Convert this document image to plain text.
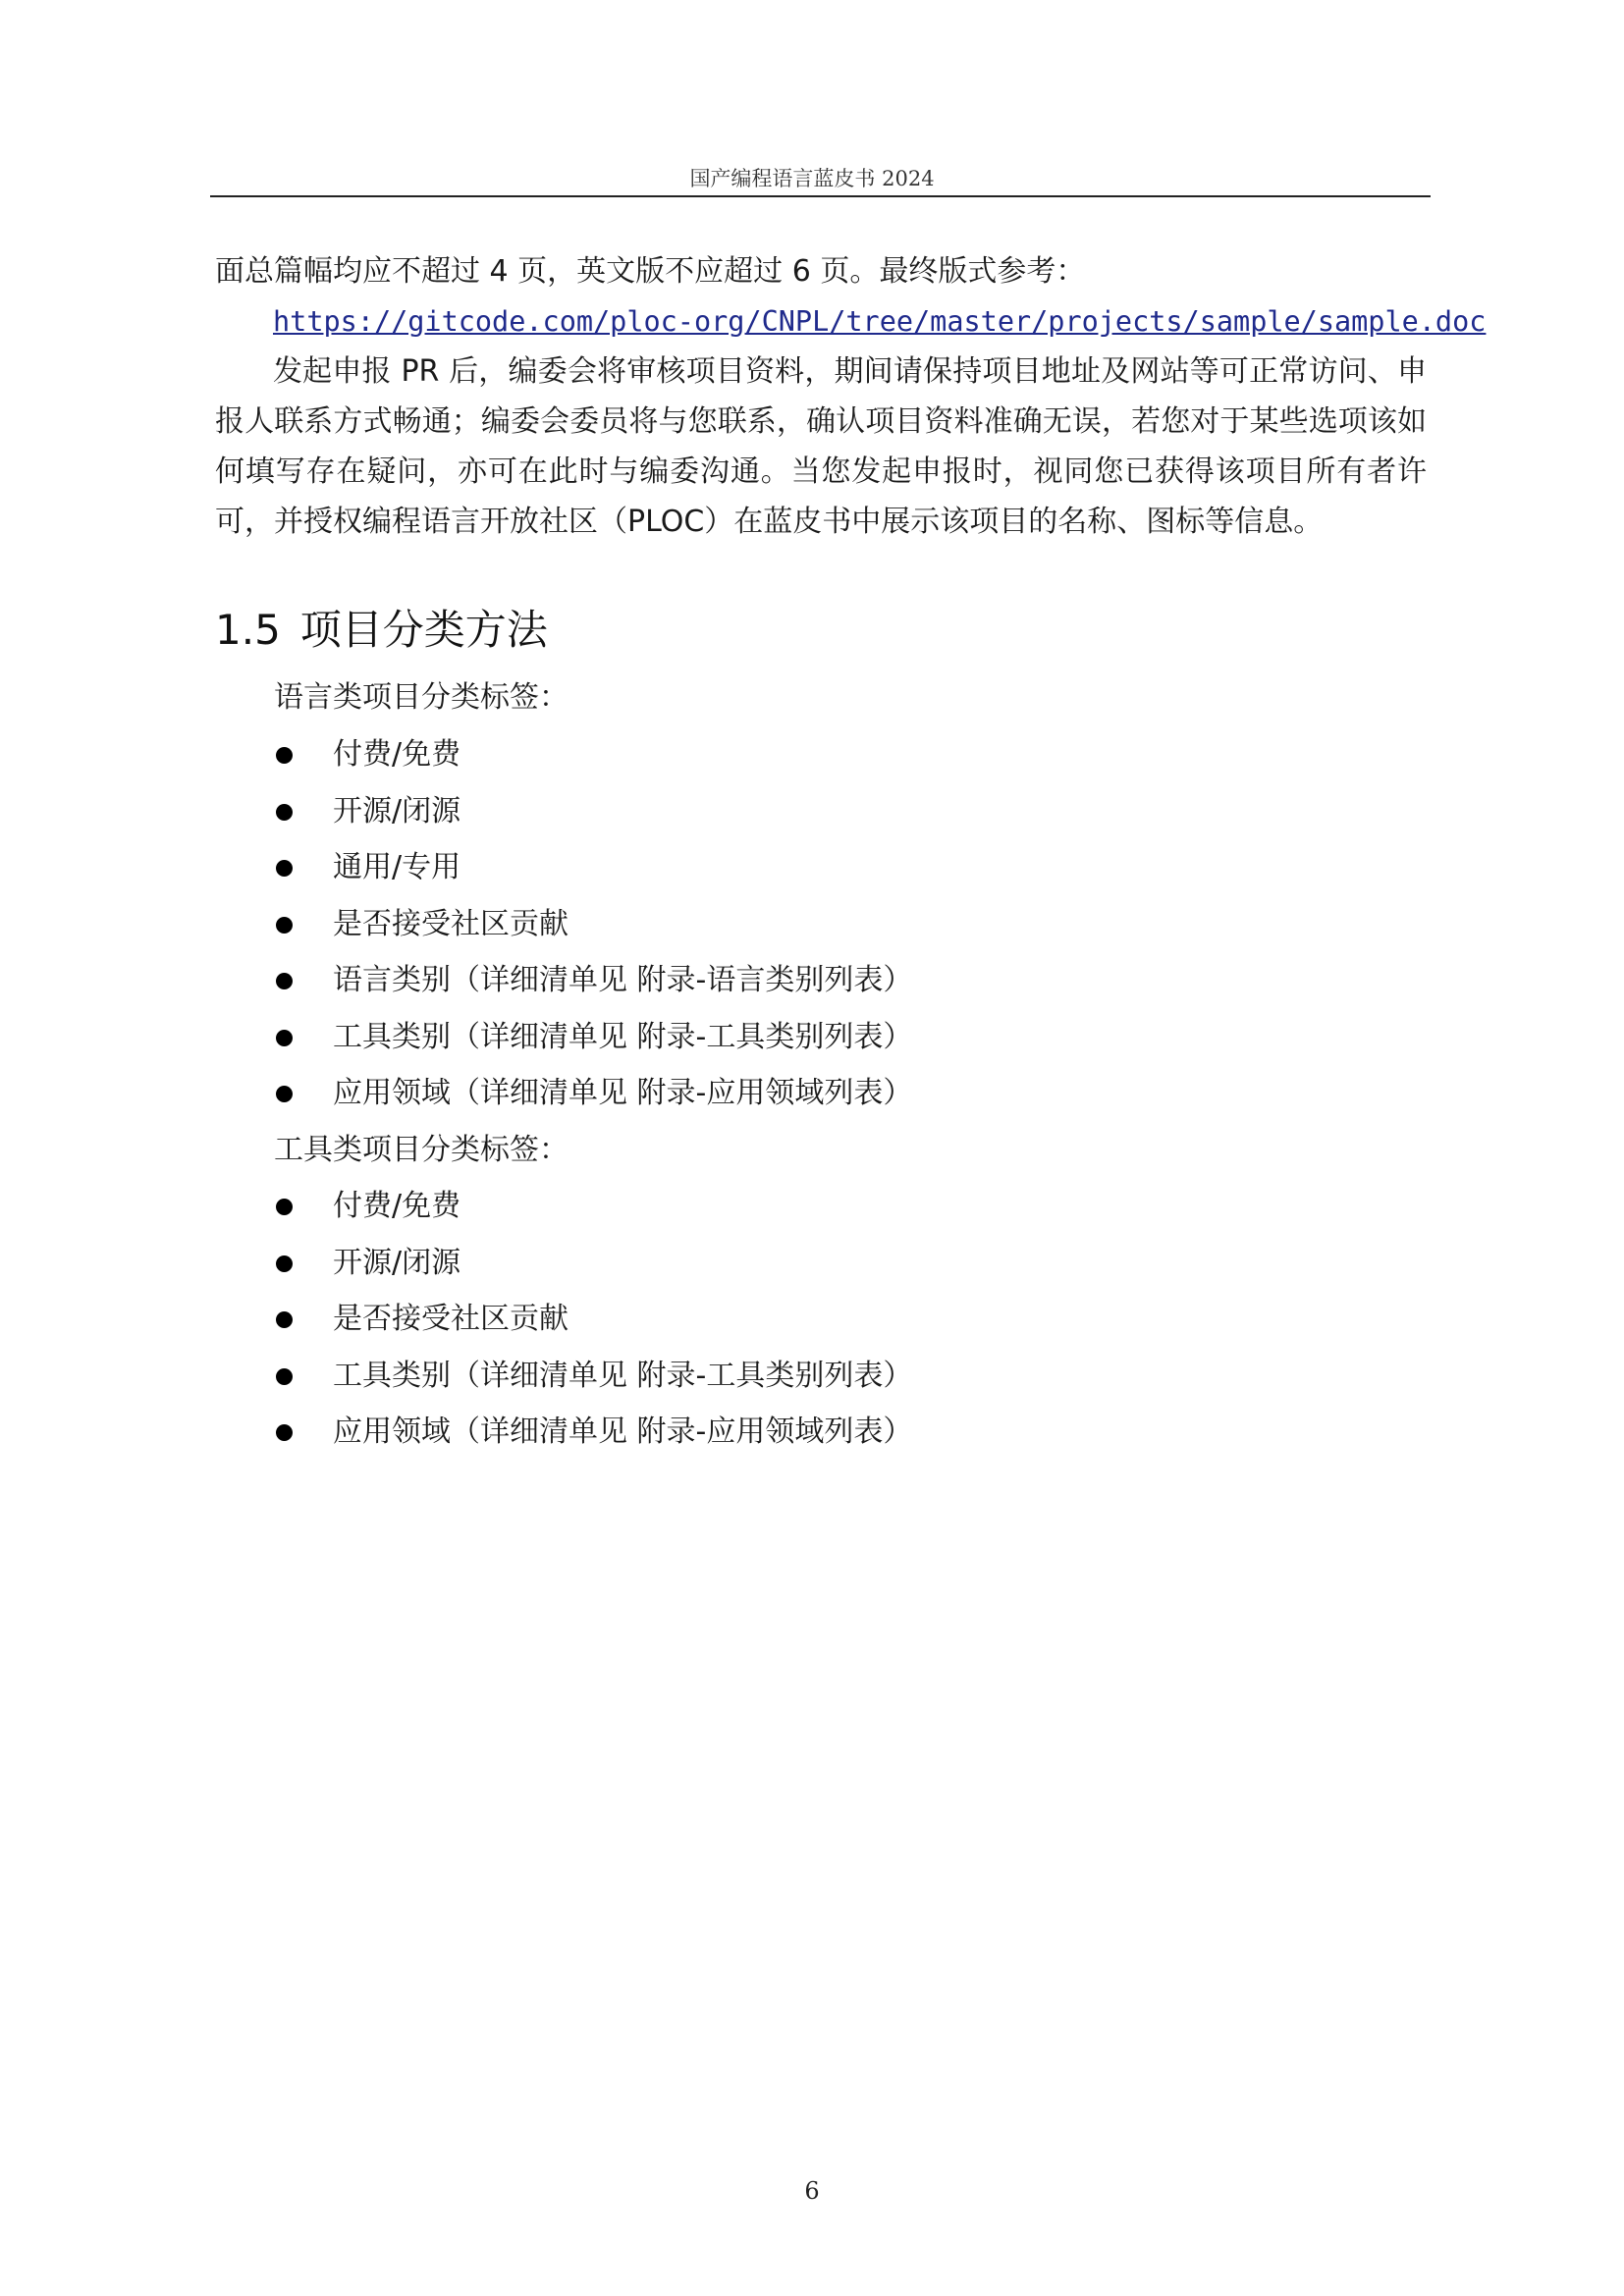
国产编程语言蓝皮书 2024
面总篇幅均应不超过 4 页，英文版不应超过 6 页。最终版式参考：
https://gitcode.com/ploc-org/CNPL/tree/master/projects/sample/sample.doc
发起申报 PR 后，编委会将审核项目资料，期间请保持项目地址及网站等可正常访问、申报人联系方式畅通；编委会委员将与您联系，确认项目资料准确无误，若您对于某些选项该如何填写存在疑问，亦可在此时与编委沟通。当您发起申报时，视同您已获得该项目所有者许可，并授权编程语言开放社区（PLOC）在蓝皮书中展示该项目的名称、图标等信息。
1.5 项目分类方法
语言类项目分类标签：
付费/免费
开源/闭源
通用/专用
是否接受社区贡献
语言类别（详细清单见 附录-语言类别列表）
工具类别（详细清单见 附录-工具类别列表）
应用领域（详细清单见 附录-应用领域列表）
工具类项目分类标签：
付费/免费
开源/闭源
是否接受社区贡献
工具类别（详细清单见 附录-工具类别列表）
应用领域（详细清单见 附录-应用领域列表）
6
